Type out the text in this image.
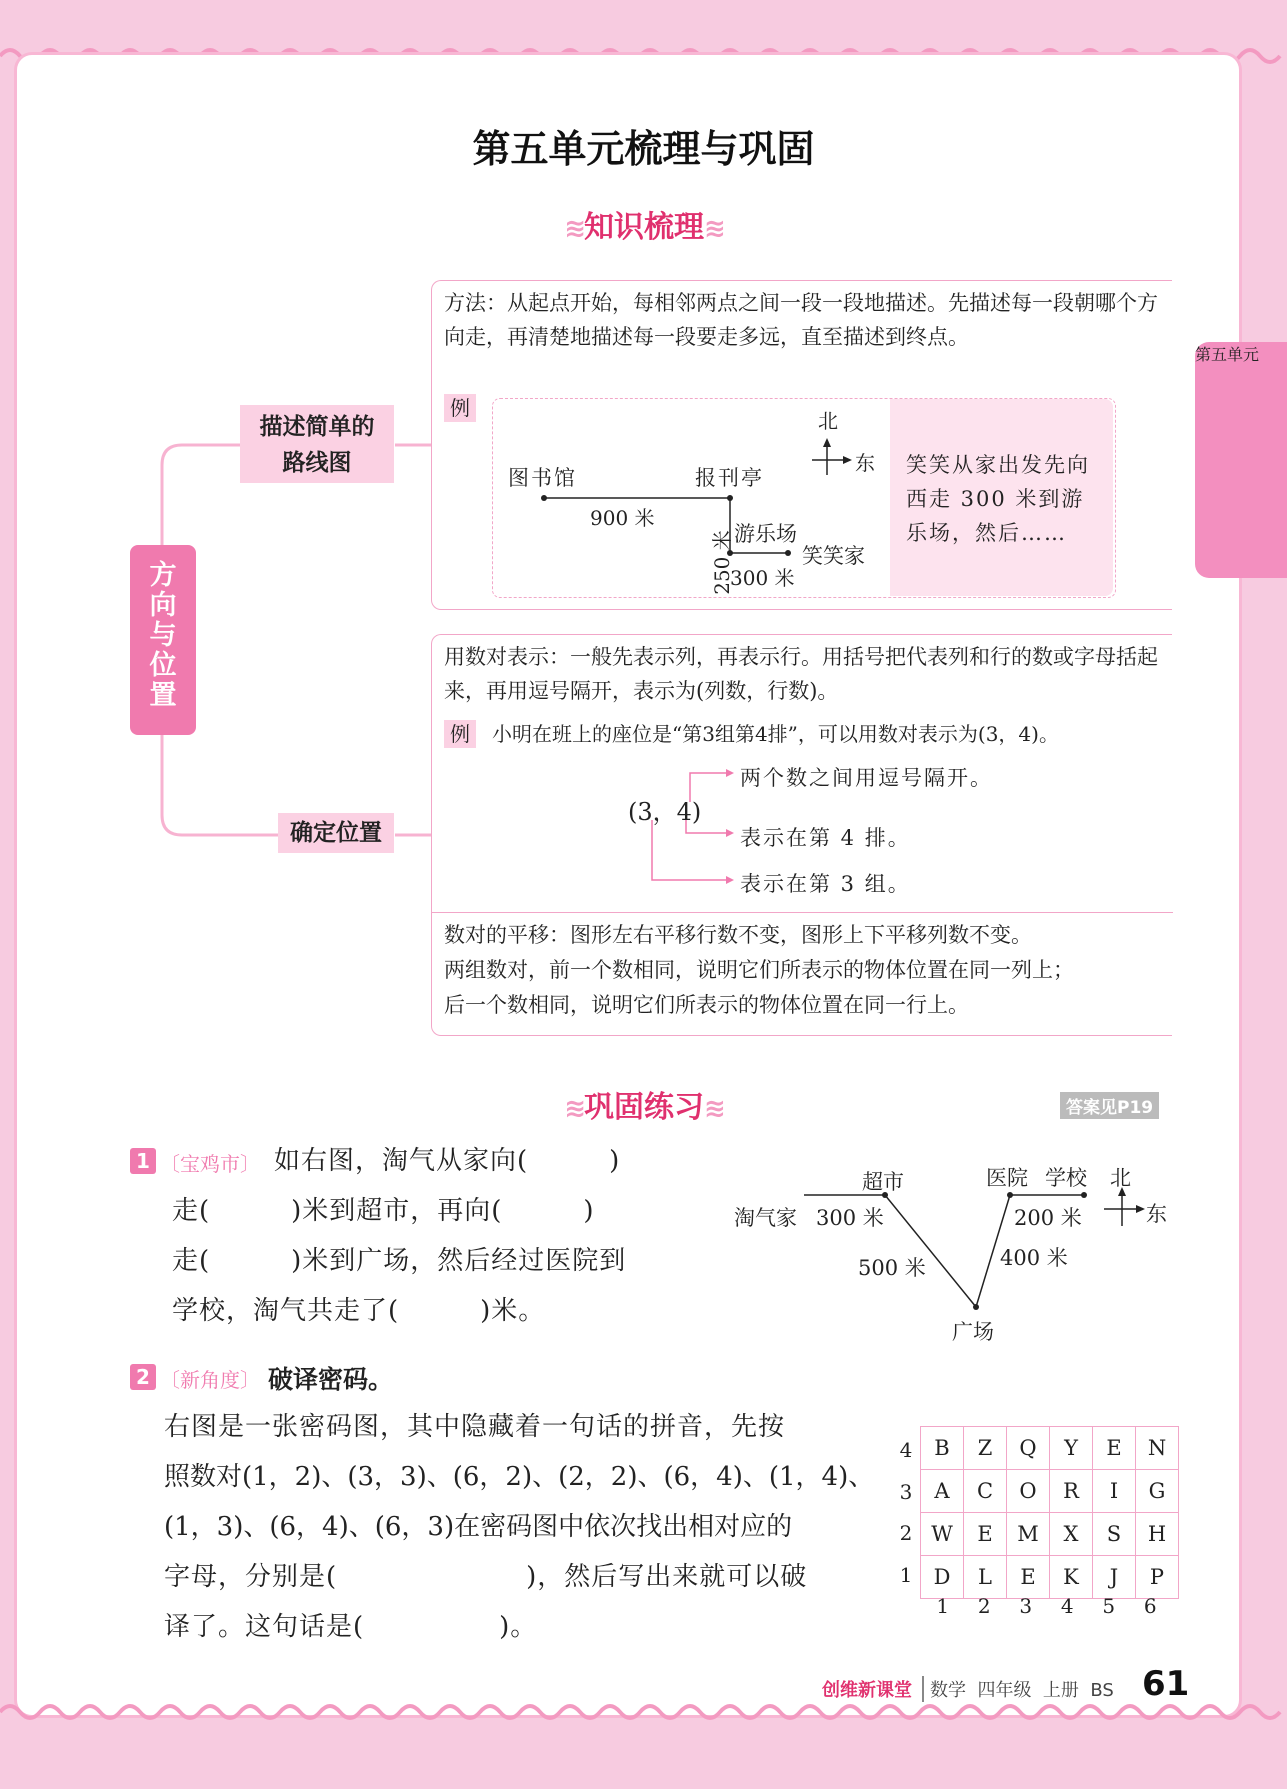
第五单元
第五单元梳理与巩固
≋知识梳理≋
方向与位置
描述简单的路线图
确定位置
方法：从起点开始，每相邻两点之间一段一段地描述。先描述每一段朝哪个方向走，再清楚地描述每一段要走多远，直至描述到终点。
例
笑笑从家出发先向西走 300 米到游乐场，然后……
北
东
图书馆	报刊亭
900 米
250 米 游乐场
笑笑家
300 米
用数对表示：一般先表示列，再表示行。用括号把代表列和行的数或字母括起来，再用逗号隔开，表示为(列数，行数)。
例	小明在班上的座位是“第3组第4排”，可以用数对表示为(3，4)。
(3，4)
两个数之间用逗号隔开。
表示在第 4 排。
表示在第 3 组。
数对的平移：图形左右平移行数不变，图形上下平移列数不变。
两组数对，前一个数相同，说明它们所表示的物体位置在同一列上；
后一个数相同，说明它们所表示的物体位置在同一行上。
≋巩固练习≋	答案见P19
1 〔宝鸡市〕 如右图，淘气从家向(　　　)
走(　　　)米到超市，再向(　　　)
走(　　　)米到广场，然后经过医院到
学校，淘气共走了(　　　)米。
超市	医院 学校 北
东
淘气家 300 米	200 米
500 米	400 米
广场
2 〔新角度〕 破译密码。
右图是一张密码图，其中隐藏着一句话的拼音，先按
照数对(1，2)、(3，3)、(6，2)、(2，2)、(6，4)、(1，4)、
(1，3)、(6，4)、(6，3)在密码图中依次找出相对应的
字母，分别是(　　　　　　　)，然后写出来就可以破
译了。这句话是(　　　　　)。
B	Z	Q	Y	E	N
A	C	O	R	I	G
W	E	M	X	S	H
D	L	E	K	J	P
4
3
2
1
1 2 3 4 5 6
创维新课堂	数学  四年级  上册  BS 61
